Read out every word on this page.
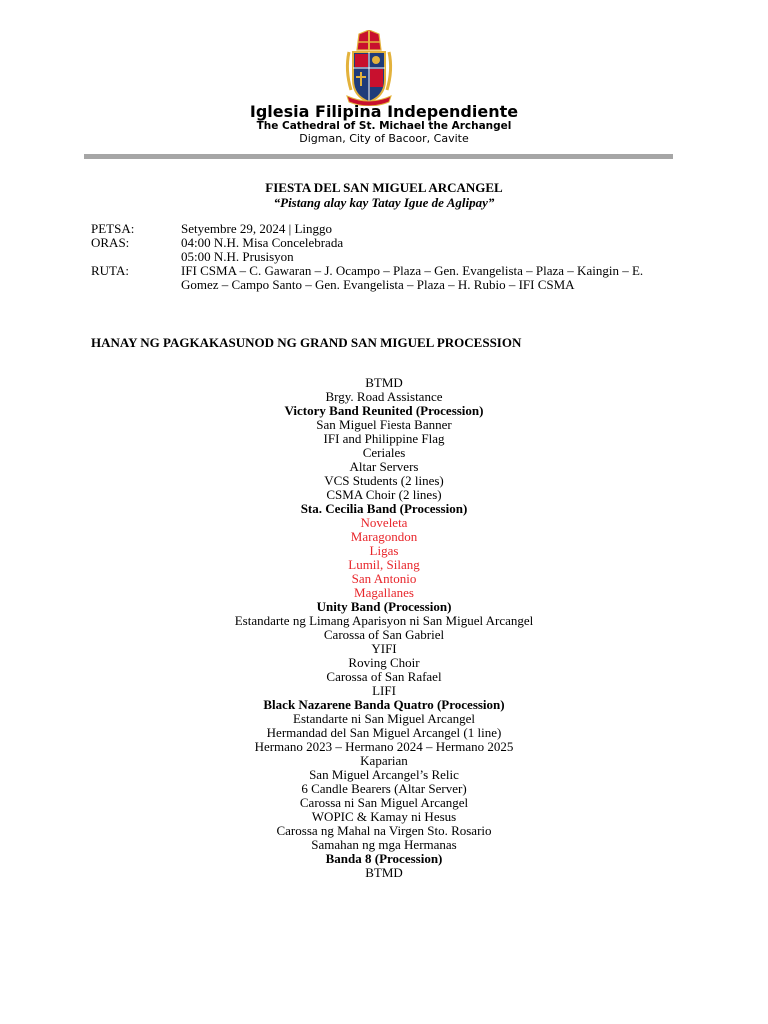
Iglesia Filipina Independiente
The Cathedral of St. Michael the Archangel
Digman, City of Bacoor, Cavite
FIESTA DEL SAN MIGUEL ARCANGEL
“Pistang alay kay Tatay Igue de Aglipay”
PETSA:	Setyembre 29, 2024 | Linggo
ORAS:	04:00 N.H. Misa Concelebrada
05:00 N.H. Prusisyon
RUTA:	IFI CSMA – C. Gawaran – J. Ocampo – Plaza – Gen. Evangelista – Plaza – Kaingin – E. Gomez – Campo Santo – Gen. Evangelista – Plaza – H. Rubio – IFI CSMA
HANAY NG PAGKAKASUNOD NG GRAND SAN MIGUEL PROCESSION
BTMD
Brgy. Road Assistance
Victory Band Reunited (Procession)
San Miguel Fiesta Banner
IFI and Philippine Flag
Ceriales
Altar Servers
VCS Students (2 lines)
CSMA Choir (2 lines)
Sta. Cecilia Band (Procession)
Noveleta
Maragondon
Ligas
Lumil, Silang
San Antonio
Magallanes
Unity Band (Procession)
Estandarte ng Limang Aparisyon ni San Miguel Arcangel
Carossa of San Gabriel
YIFI
Roving Choir
Carossa of San Rafael
LIFI
Black Nazarene Banda Quatro (Procession)
Estandarte ni San Miguel Arcangel
Hermandad del San Miguel Arcangel (1 line)
Hermano 2023 – Hermano 2024 – Hermano 2025
Kaparian
San Miguel Arcangel’s Relic
6 Candle Bearers (Altar Server)
Carossa ni San Miguel Arcangel
WOPIC & Kamay ni Hesus
Carossa ng Mahal na Virgen Sto. Rosario
Samahan ng mga Hermanas
Banda 8 (Procession)
BTMD
